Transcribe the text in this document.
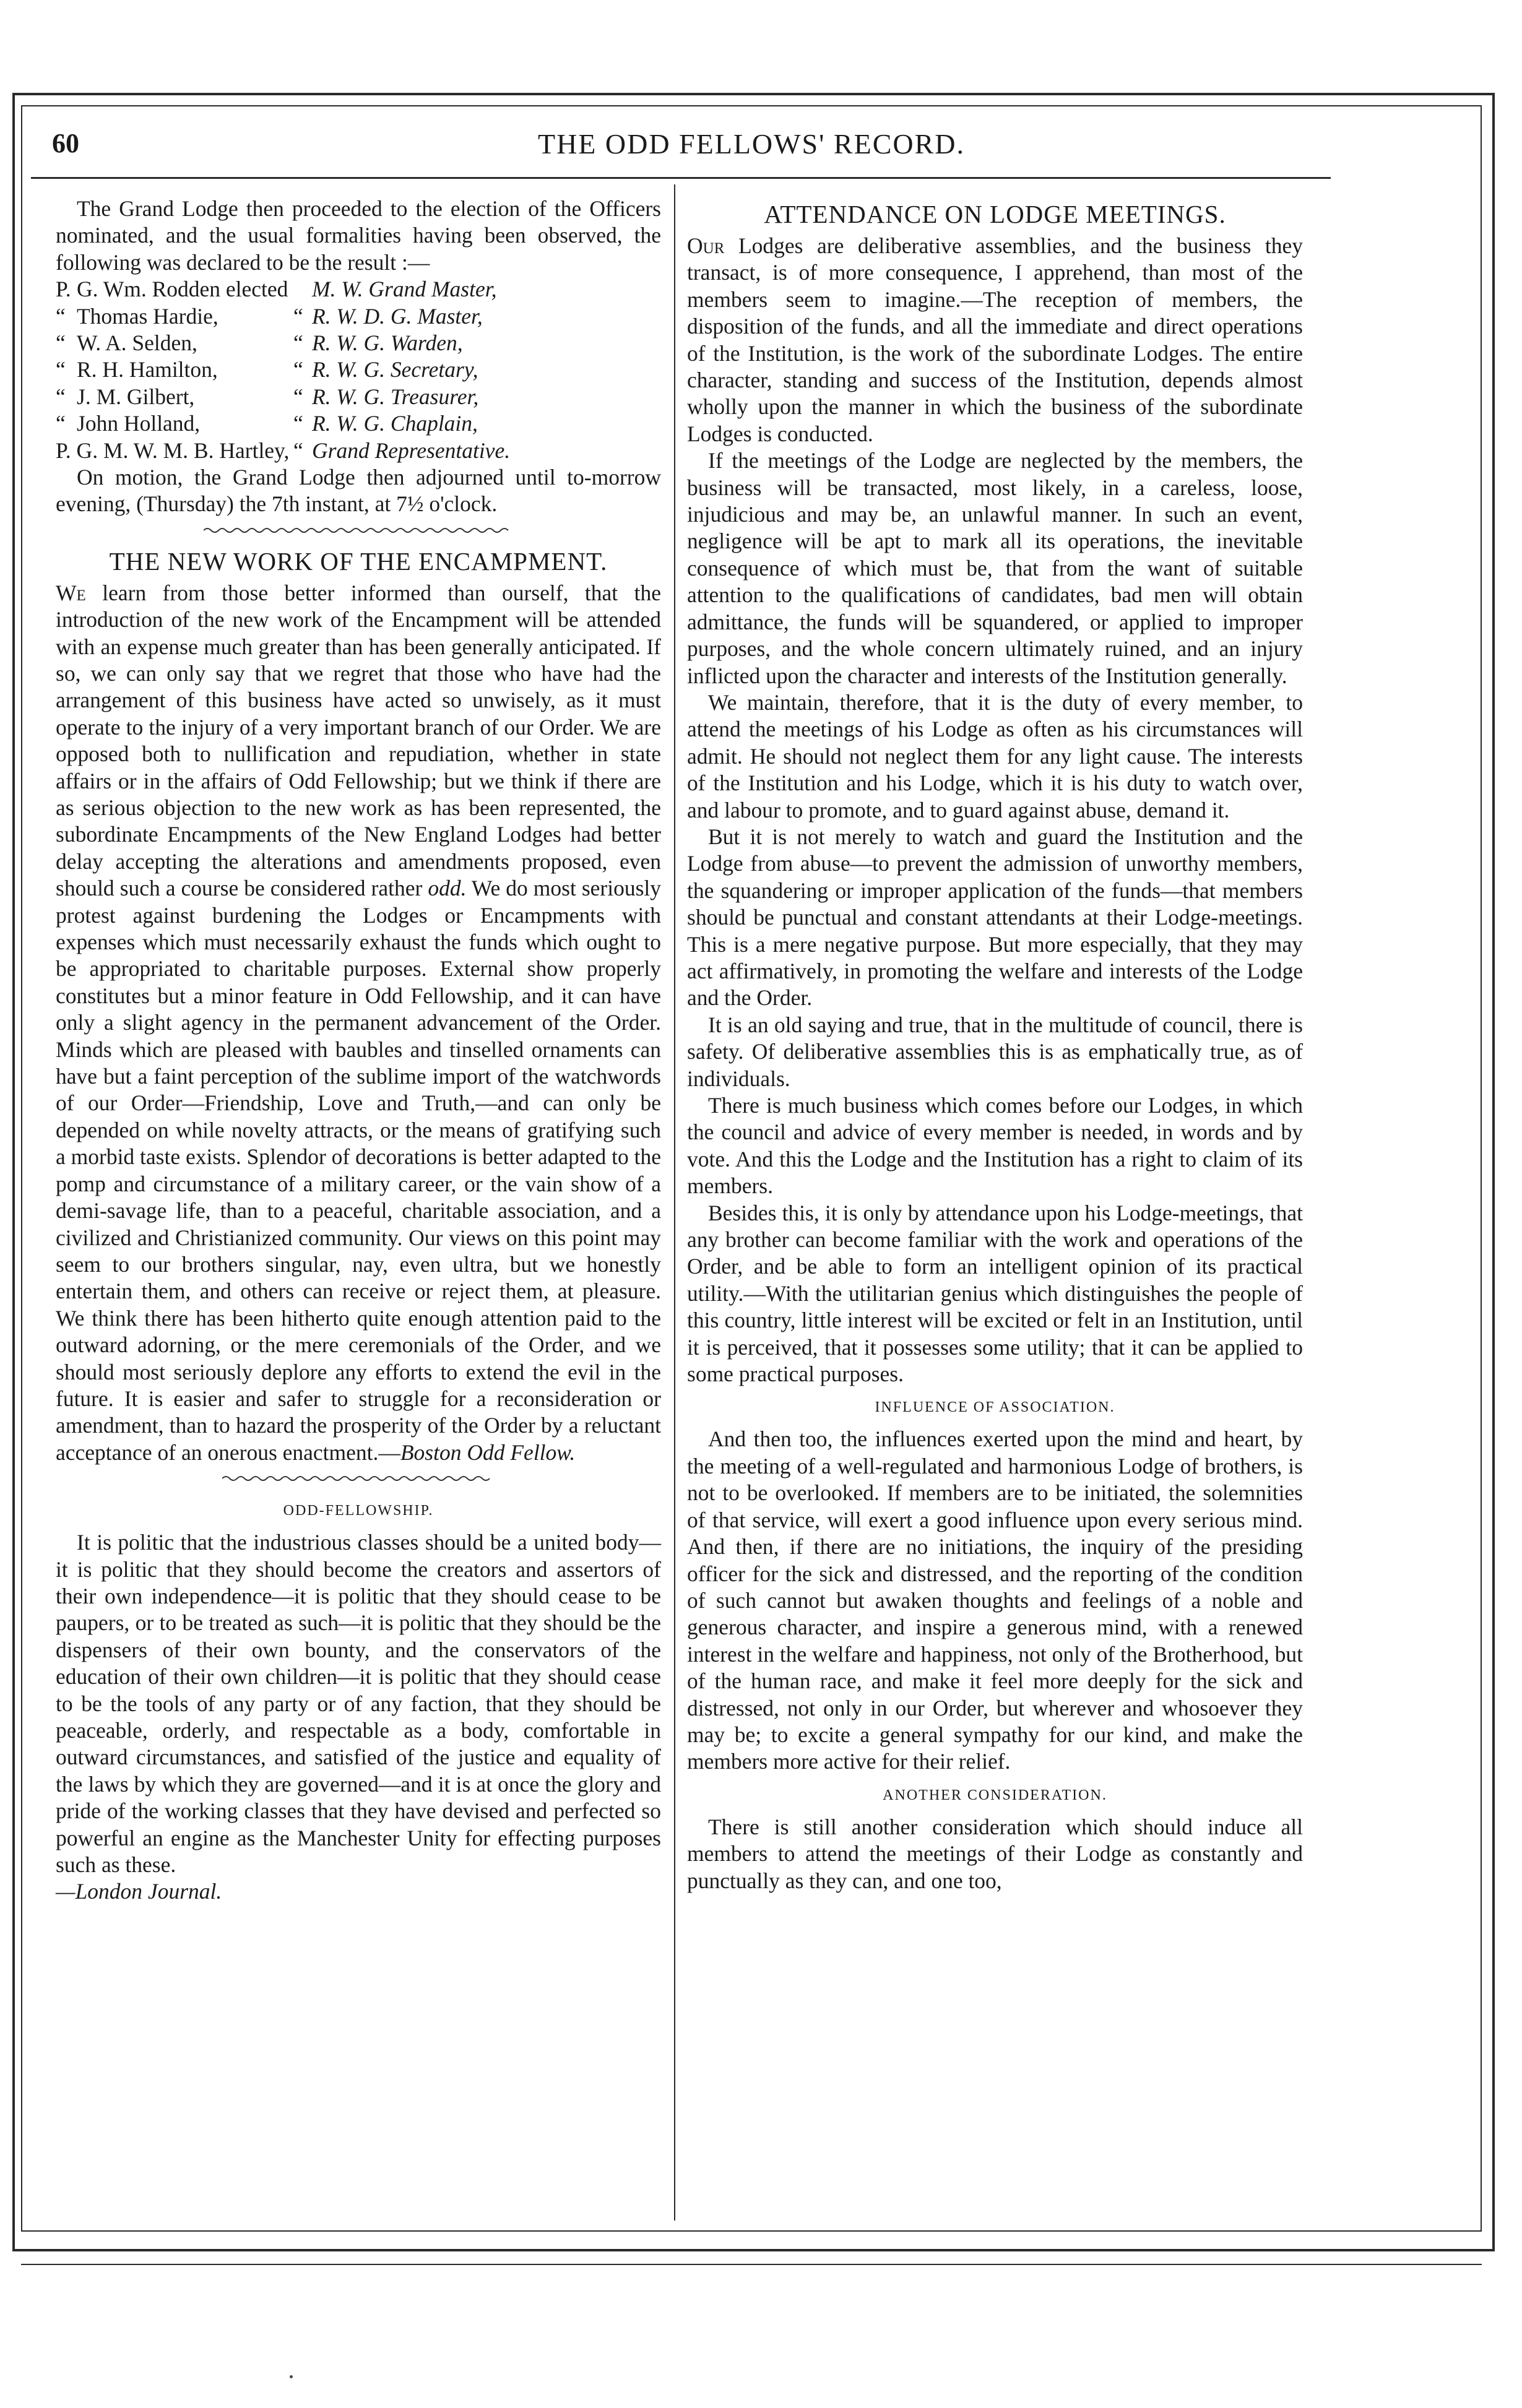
60	THE ODD FELLOWS' RECORD.

The Grand Lodge then proceeded to the election of the Officers nominated, and the usual formalities having been observed, the following was declared to be the result :—

P. G. Wm. Rodden elected M. W. Grand Master,
“ Thomas Hardie,	“ R. W. D. G. Master,
“ W. A. Selden,	“ R. W. G. Warden,
“ R. H. Hamilton,	“ R. W. G. Secretary,
“ J. M. Gilbert,	“ R. W. G. Treasurer,
“ John Holland,	“ R. W. G. Chaplain,
P. G. M. W. M. B. Hartley, “ Grand Representative.

On motion, the Grand Lodge then adjourned until to-morrow evening, (Thursday) the 7th instant, at 7½ o'clock.

THE NEW WORK OF THE ENCAMPMENT.

We learn from those better informed than ourself, that the introduction of the new work of the Encampment will be attended with an expense much greater than has been generally anticipated. If so, we can only say that we regret that those who have had the arrangement of this business have acted so unwisely, as it must operate to the injury of a very important branch of our Order. We are opposed both to nullification and repudiation, whether in state affairs or in the affairs of Odd Fellowship; but we think if there are as serious objection to the new work as has been represented, the subordinate Encampments of the New England Lodges had better delay accepting the alterations and amendments proposed, even should such a course be considered rather odd. We do most seriously protest against burdening the Lodges or Encampments with expenses which must necessarily exhaust the funds which ought to be appropriated to charitable purposes. External show properly constitutes but a minor feature in Odd Fellowship, and it can have only a slight agency in the permanent advancement of the Order. Minds which are pleased with baubles and tinselled ornaments can have but a faint perception of the sublime import of the watchwords of our Order—Friendship, Love and Truth,—and can only be depended on while novelty attracts, or the means of gratifying such a morbid taste exists. Splendor of decorations is better adapted to the pomp and circumstance of a military career, or the vain show of a demi-savage life, than to a peaceful, charitable association, and a civilized and Christianized community. Our views on this point may seem to our brothers singular, nay, even ultra, but we honestly entertain them, and others can receive or reject them, at pleasure. We think there has been hitherto quite enough attention paid to the outward adorning, or the mere ceremonials of the Order, and we should most seriously deplore any efforts to extend the evil in the future. It is easier and safer to struggle for a reconsideration or amendment, than to hazard the prosperity of the Order by a reluctant acceptance of an onerous enactment.—Boston Odd Fellow.

ODD-FELLOWSHIP.

It is politic that the industrious classes should be a united body—it is politic that they should become the creators and assertors of their own independence—it is politic that they should cease to be paupers, or to be treated as such—it is politic that they should be the dispensers of their own bounty, and the conservators of the education of their own children—it is politic that they should cease to be the tools of any party or of any faction, that they should be peaceable, orderly, and respectable as a body, comfortable in outward circumstances, and satisfied of the justice and equality of the laws by which they are governed—and it is at once the glory and pride of the working classes that they have devised and perfected so powerful an engine as the Manchester Unity for effecting purposes such as these.

—London Journal.

ATTENDANCE ON LODGE MEETINGS.

Our Lodges are deliberative assemblies, and the business they transact, is of more consequence, I apprehend, than most of the members seem to imagine.—The reception of members, the disposition of the funds, and all the immediate and direct operations of the Institution, is the work of the subordinate Lodges. The entire character, standing and success of the Institution, depends almost wholly upon the manner in which the business of the subordinate Lodges is conducted.

If the meetings of the Lodge are neglected by the members, the business will be transacted, most likely, in a careless, loose, injudicious and may be, an unlawful manner. In such an event, negligence will be apt to mark all its operations, the inevitable consequence of which must be, that from the want of suitable attention to the qualifications of candidates, bad men will obtain admittance, the funds will be squandered, or applied to improper purposes, and the whole concern ultimately ruined, and an injury inflicted upon the character and interests of the Institution generally.

We maintain, therefore, that it is the duty of every member, to attend the meetings of his Lodge as often as his circumstances will admit. He should not neglect them for any light cause. The interests of the Institution and his Lodge, which it is his duty to watch over, and labour to promote, and to guard against abuse, demand it.

But it is not merely to watch and guard the Institution and the Lodge from abuse—to prevent the admission of unworthy members, the squandering or improper application of the funds—that members should be punctual and constant attendants at their Lodge-meetings. This is a mere negative purpose. But more especially, that they may act affirmatively, in promoting the welfare and interests of the Lodge and the Order.

It is an old saying and true, that in the multitude of council, there is safety. Of deliberative assemblies this is as emphatically true, as of individuals.

There is much business which comes before our Lodges, in which the council and advice of every member is needed, in words and by vote. And this the Lodge and the Institution has a right to claim of its members.

Besides this, it is only by attendance upon his Lodge-meetings, that any brother can become familiar with the work and operations of the Order, and be able to form an intelligent opinion of its practical utility.—With the utilitarian genius which distinguishes the people of this country, little interest will be excited or felt in an Institution, until it is perceived, that it possesses some utility; that it can be applied to some practical purposes.

INFLUENCE OF ASSOCIATION.

And then too, the influences exerted upon the mind and heart, by the meeting of a well-regulated and harmonious Lodge of brothers, is not to be overlooked. If members are to be initiated, the solemnities of that service, will exert a good influence upon every serious mind. And then, if there are no initiations, the inquiry of the presiding officer for the sick and distressed, and the reporting of the condition of such cannot but awaken thoughts and feelings of a noble and generous character, and inspire a generous mind, with a renewed interest in the welfare and happiness, not only of the Brotherhood, but of the human race, and make it feel more deeply for the sick and distressed, not only in our Order, but wherever and whosoever they may be; to excite a general sympathy for our kind, and make the members more active for their relief.

ANOTHER CONSIDERATION.

There is still another consideration which should induce all members to attend the meetings of their Lodge as constantly and punctually as they can, and one too,
